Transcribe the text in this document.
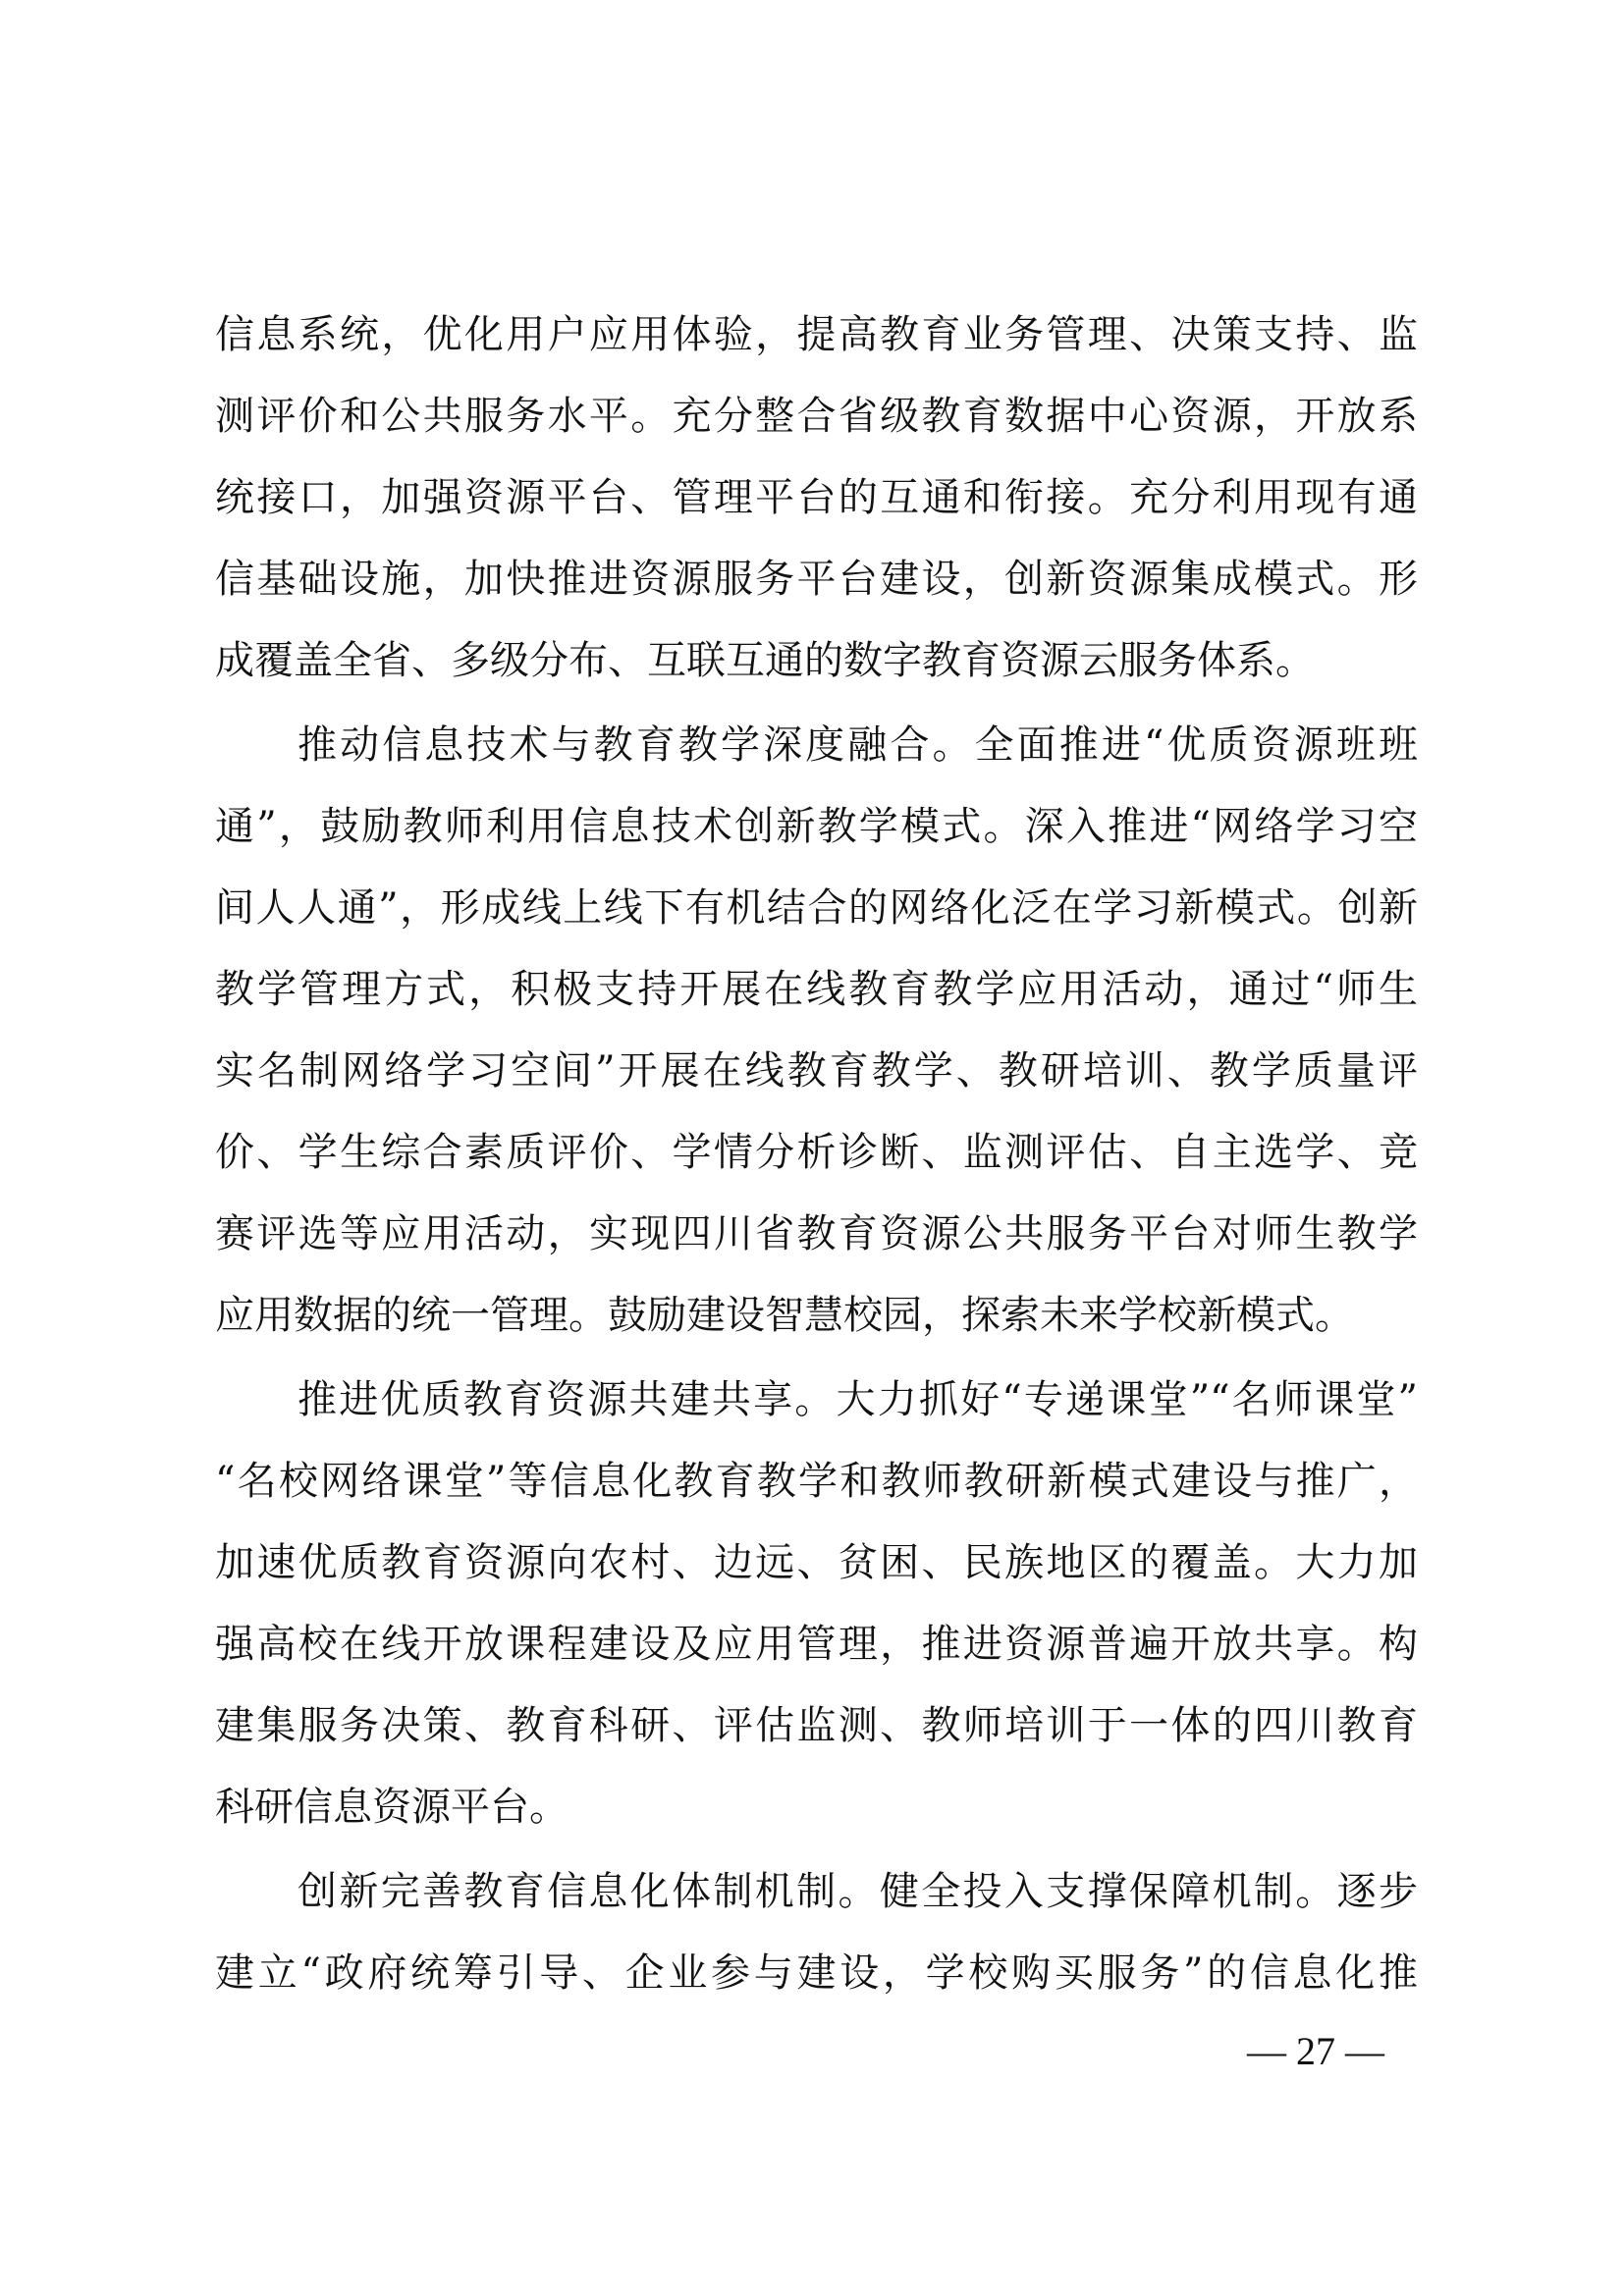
信息系统，优化用户应用体验，提高教育业务管理、决策支持、监
测评价和公共服务水平。充分整合省级教育数据中心资源，开放系
统接口，加强资源平台、管理平台的互通和衔接。充分利用现有通
信基础设施，加快推进资源服务平台建设，创新资源集成模式。形
成覆盖全省、多级分布、互联互通的数字教育资源云服务体系。
推动信息技术与教育教学深度融合。全面推进“优质资源班班
通”，鼓励教师利用信息技术创新教学模式。深入推进“网络学习空
间人人通”，形成线上线下有机结合的网络化泛在学习新模式。创新
教学管理方式，积极支持开展在线教育教学应用活动，通过“师生
实名制网络学习空间”开展在线教育教学、教研培训、教学质量评
价、学生综合素质评价、学情分析诊断、监测评估、自主选学、竞
赛评选等应用活动，实现四川省教育资源公共服务平台对师生教学
应用数据的统一管理。鼓励建设智慧校园，探索未来学校新模式。
推进优质教育资源共建共享。大力抓好“专递课堂”“名师课堂”
“名校网络课堂”等信息化教育教学和教师教研新模式建设与推广，
加速优质教育资源向农村、边远、贫困、民族地区的覆盖。大力加
强高校在线开放课程建设及应用管理，推进资源普遍开放共享。构
建集服务决策、教育科研、评估监测、教师培训于一体的四川教育
科研信息资源平台。
创新完善教育信息化体制机制。健全投入支撑保障机制。逐步
建立“政府统筹引导、企业参与建设，学校购买服务”的信息化推
— 27 —
